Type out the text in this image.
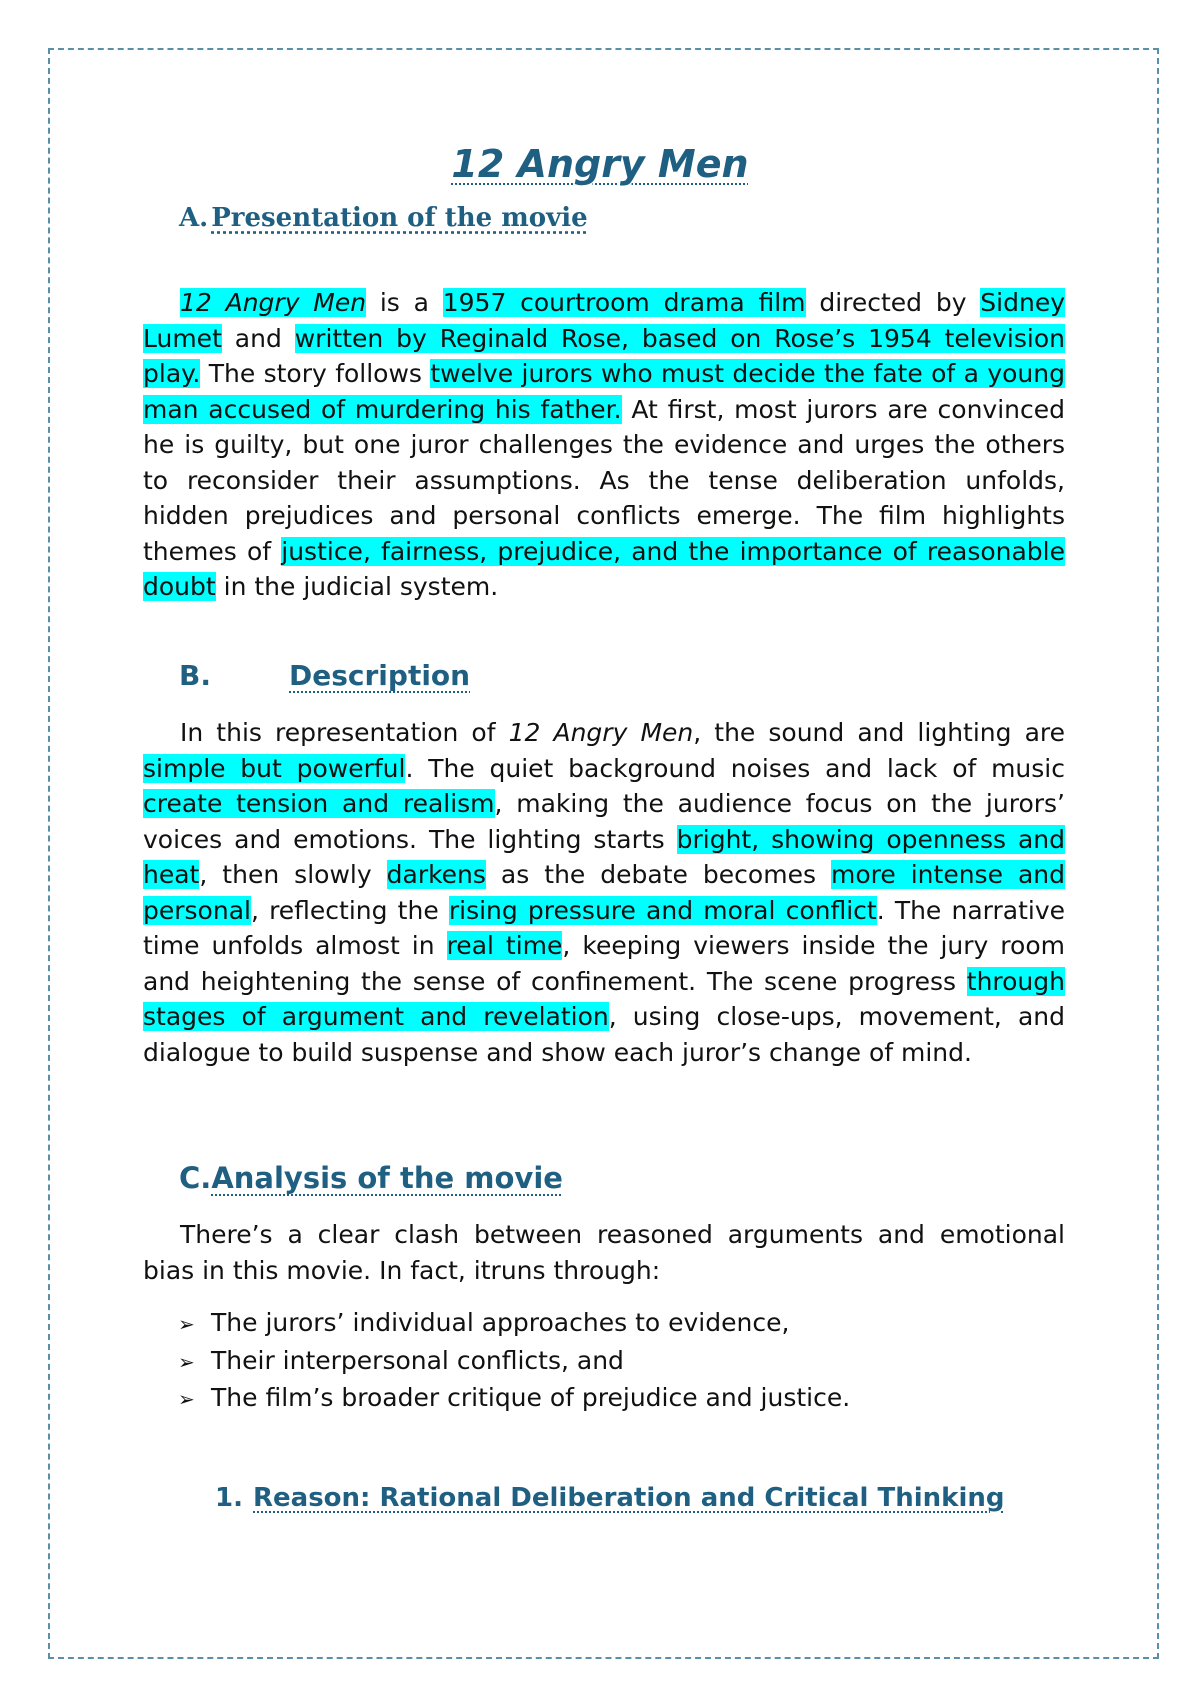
12 Angry Men
A. Presentation of the movie

12 Angry Men is a 1957 courtroom drama film directed by Sidney Lumet and written by Reginald Rose, based on Rose’s 1954 television play. The story follows twelve jurors who must decide the fate of a young man accused of murdering his father. At first, most jurors are convinced he is guilty, but one juror challenges the evidence and urges the others to reconsider their assumptions. As the tense deliberation unfolds, hidden prejudices and personal conflicts emerge. The film highlights themes of justice, fairness, prejudice, and the importance of reasonable doubt in the judicial system.

B.	Description

In this representation of 12 Angry Men, the sound and lighting are simple but powerful. The quiet background noises and lack of music create tension and realism, making the audience focus on the jurors’ voices and emotions. The lighting starts bright, showing openness and heat, then slowly darkens as the debate becomes more intense and personal, reflecting the rising pressure and moral conflict. The narrative time unfolds almost in real time, keeping viewers inside the jury room and heightening the sense of confinement. The scene progress through stages of argument and revelation, using close-ups, movement, and dialogue to build suspense and show each juror’s change of mind.

C.Analysis of the movie

There’s a clear clash between reasoned arguments and emotional bias in this movie. In fact, itruns through:

➢ The jurors’ individual approaches to evidence,
➢ Their interpersonal conflicts, and
➢ The film’s broader critique of prejudice and justice.
1. Reason: Rational Deliberation and Critical Thinking
